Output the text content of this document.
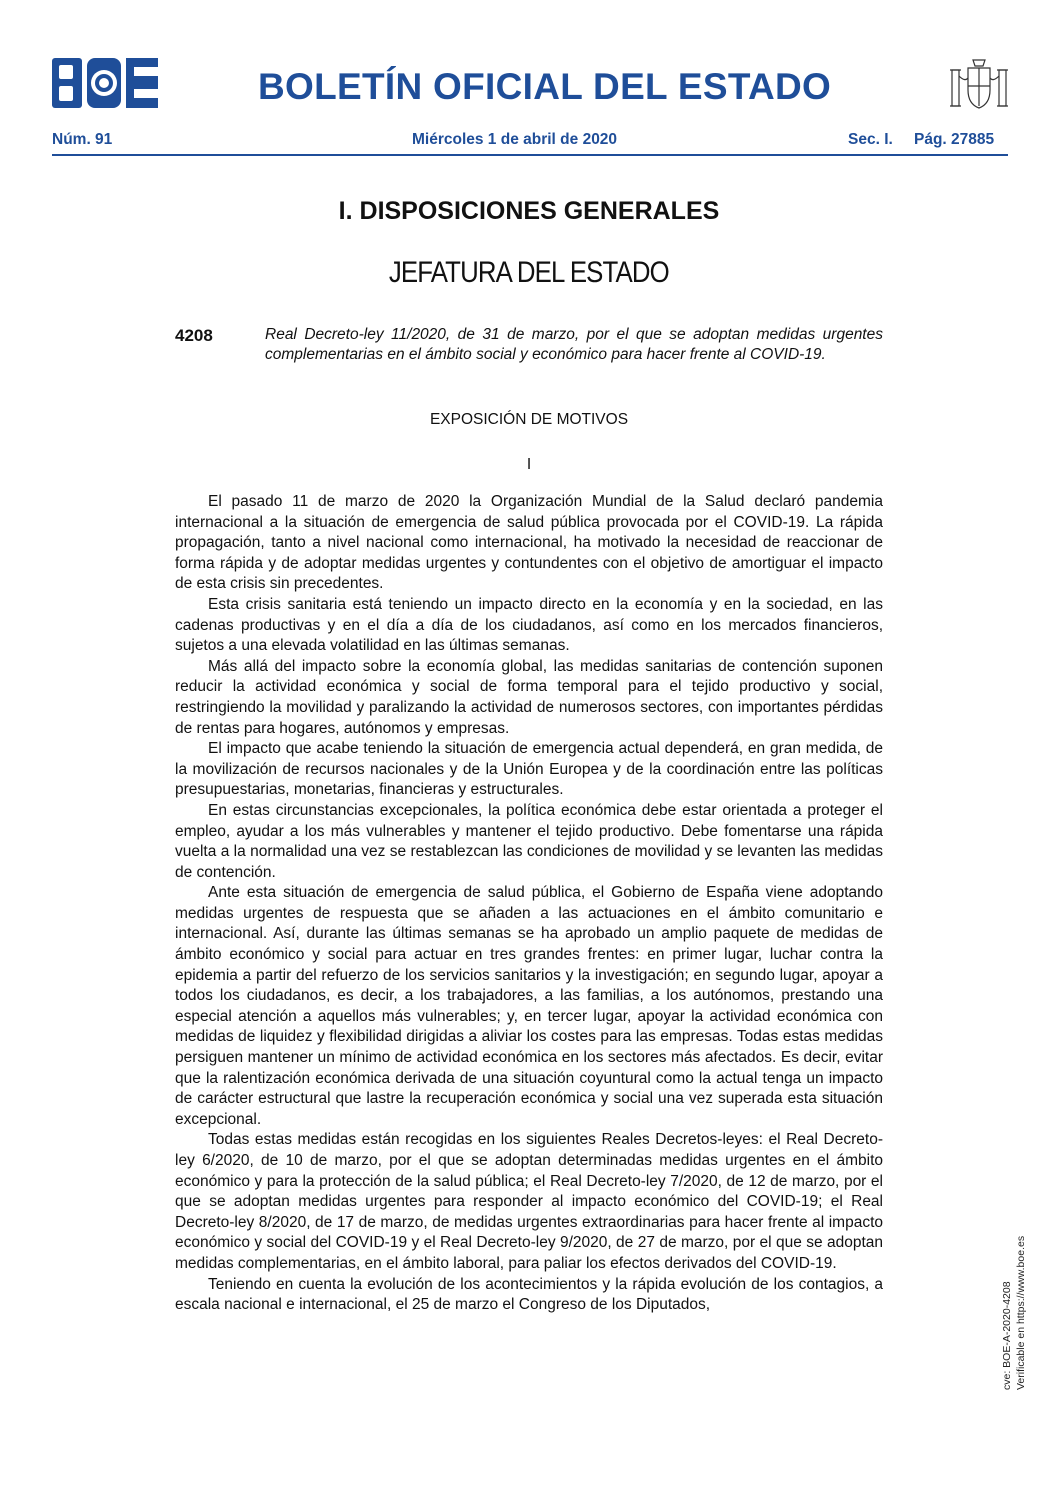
BOLETÍN OFICIAL DEL ESTADO
Núm. 91	Miércoles 1 de abril de 2020	Sec. I. Pág. 27885
I. DISPOSICIONES GENERALES
JEFATURA DEL ESTADO
4208	Real Decreto-ley 11/2020, de 31 de marzo, por el que se adoptan medidas urgentes complementarias en el ámbito social y económico para hacer frente al COVID-19.
EXPOSICIÓN DE MOTIVOS
I

El pasado 11 de marzo de 2020 la Organización Mundial de la Salud declaró pandemia internacional a la situación de emergencia de salud pública provocada por el COVID-19. La rápida propagación, tanto a nivel nacional como internacional, ha motivado la necesidad de reaccionar de forma rápida y de adoptar medidas urgentes y contundentes con el objetivo de amortiguar el impacto de esta crisis sin precedentes.

Esta crisis sanitaria está teniendo un impacto directo en la economía y en la sociedad, en las cadenas productivas y en el día a día de los ciudadanos, así como en los mercados financieros, sujetos a una elevada volatilidad en las últimas semanas.

Más allá del impacto sobre la economía global, las medidas sanitarias de contención suponen reducir la actividad económica y social de forma temporal para el tejido productivo y social, restringiendo la movilidad y paralizando la actividad de numerosos sectores, con importantes pérdidas de rentas para hogares, autónomos y empresas.

El impacto que acabe teniendo la situación de emergencia actual dependerá, en gran medida, de la movilización de recursos nacionales y de la Unión Europea y de la coordinación entre las políticas presupuestarias, monetarias, financieras y estructurales.

En estas circunstancias excepcionales, la política económica debe estar orientada a proteger el empleo, ayudar a los más vulnerables y mantener el tejido productivo. Debe fomentarse una rápida vuelta a la normalidad una vez se restablezcan las condiciones de movilidad y se levanten las medidas de contención.

Ante esta situación de emergencia de salud pública, el Gobierno de España viene adoptando medidas urgentes de respuesta que se añaden a las actuaciones en el ámbito comunitario e internacional. Así, durante las últimas semanas se ha aprobado un amplio paquete de medidas de ámbito económico y social para actuar en tres grandes frentes: en primer lugar, luchar contra la epidemia a partir del refuerzo de los servicios sanitarios y la investigación; en segundo lugar, apoyar a todos los ciudadanos, es decir, a los trabajadores, a las familias, a los autónomos, prestando una especial atención a aquellos más vulnerables; y, en tercer lugar, apoyar la actividad económica con medidas de liquidez y flexibilidad dirigidas a aliviar los costes para las empresas. Todas estas medidas persiguen mantener un mínimo de actividad económica en los sectores más afectados. Es decir, evitar que la ralentización económica derivada de una situación coyuntural como la actual tenga un impacto de carácter estructural que lastre la recuperación económica y social una vez superada esta situación excepcional.

Todas estas medidas están recogidas en los siguientes Reales Decretos-leyes: el Real Decreto-ley 6/2020, de 10 de marzo, por el que se adoptan determinadas medidas urgentes en el ámbito económico y para la protección de la salud pública; el Real Decreto-ley 7/2020, de 12 de marzo, por el que se adoptan medidas urgentes para responder al impacto económico del COVID-19; el Real Decreto-ley 8/2020, de 17 de marzo, de medidas urgentes extraordinarias para hacer frente al impacto económico y social del COVID-19 y el Real Decreto-ley 9/2020, de 27 de marzo, por el que se adoptan medidas complementarias, en el ámbito laboral, para paliar los efectos derivados del COVID-19.

Teniendo en cuenta la evolución de los acontecimientos y la rápida evolución de los contagios, a escala nacional e internacional, el 25 de marzo el Congreso de los Diputados,	cve: BOE-A-2020-4208 Verificable en https://www.boe.es
